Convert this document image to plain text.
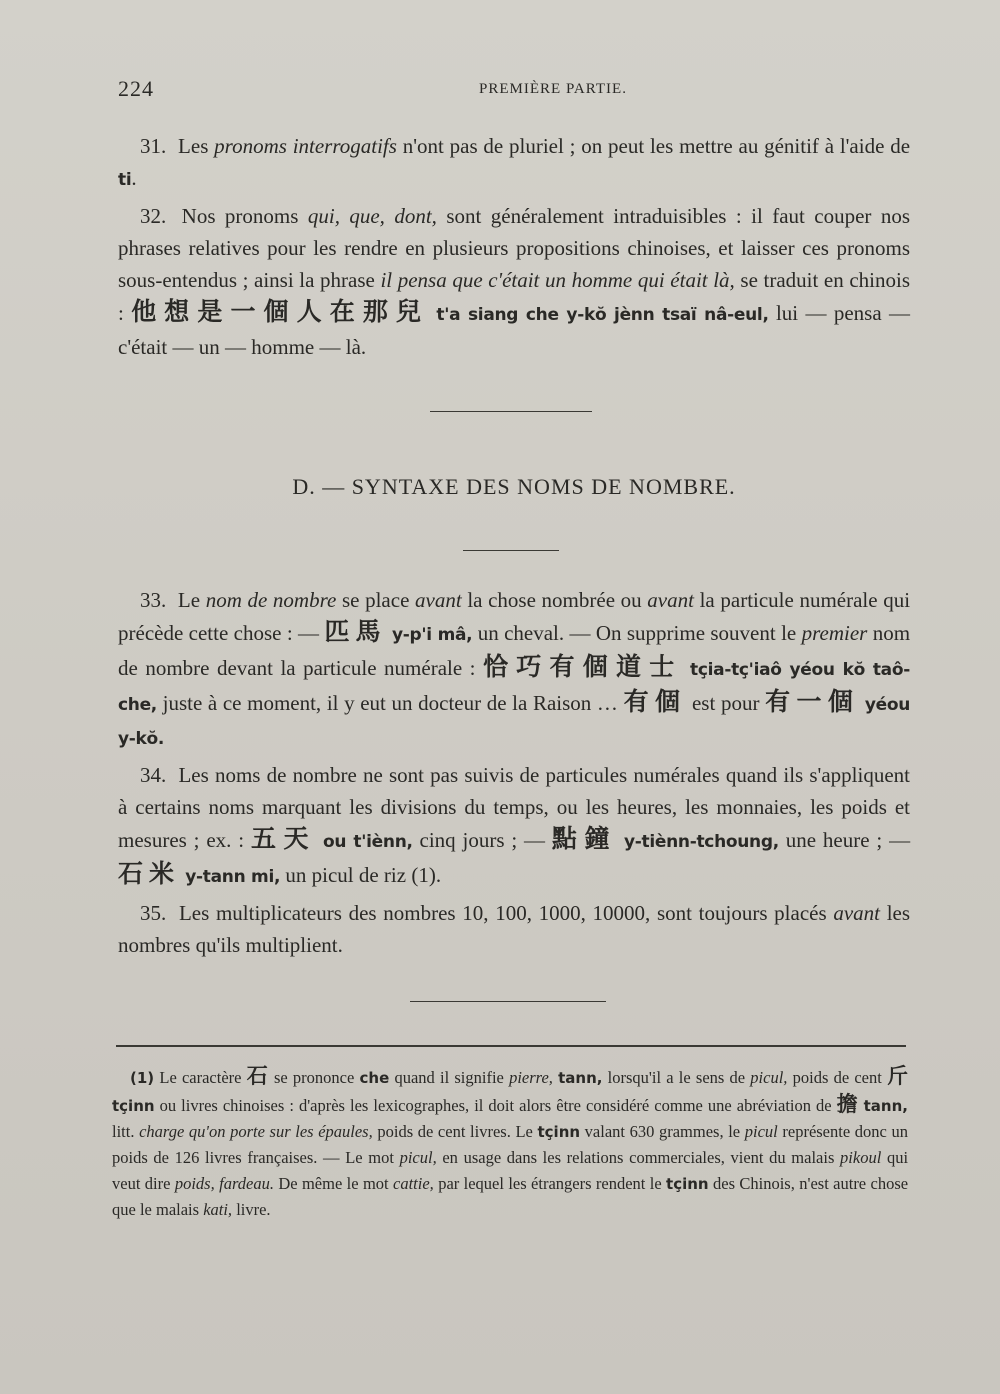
224	PREMIÈRE PARTIE.

31. Les pronoms interrogatifs n'ont pas de pluriel ; on peut les mettre au génitif à l'aide de ti.

32. Nos pronoms qui, que, dont, sont généralement intraduisibles : il faut couper nos phrases relatives pour les rendre en plusieurs propositions chinoises, et laisser ces pronoms sous-entendus ; ainsi la phrase il pensa que c'était un homme qui était là, se traduit en chinois : 他想是一個人在那兒 t'a siang che y-kŏ jènn tsaï nâ-eul, lui — pensa — c'était — un — homme — là.

D. — SYNTAXE DES NOMS DE NOMBRE.

33. Le nom de nombre se place avant la chose nombrée ou avant la particule numérale qui précède cette chose : — 匹馬 y-p'i mâ, un cheval. — On supprime souvent le premier nom de nombre devant la particule numérale : 恰巧有個道士 tçia-tç'iaô yéou kŏ taô-che, juste à ce moment, il y eut un docteur de la Raison … 有個 est pour 有一個 yéou y-kŏ.

34. Les noms de nombre ne sont pas suivis de particules numérales quand ils s'appliquent à certains noms marquant les divisions du temps, ou les heures, les monnaies, les poids et mesures ; ex. : 五天 ou t'iènn, cinq jours ; — 點鐘 y-tiènn-tchoung, une heure ; — 石米 y-tann mi, un picul de riz (1).

35. Les multiplicateurs des nombres 10, 100, 1000, 10000, sont toujours placés avant les nombres qu'ils multiplient.

(1) Le caractère 石 se prononce che quand il signifie pierre, tann, lorsqu'il a le sens de picul, poids de cent 斤 tçinn ou livres chinoises : d'après les lexicographes, il doit alors être considéré comme une abréviation de 擔 tann, litt. charge qu'on porte sur les épaules, poids de cent livres. Le tçinn valant 630 grammes, le picul représente donc un poids de 126 livres françaises. — Le mot picul, en usage dans les relations commerciales, vient du malais pikoul qui veut dire poids, fardeau. De même le mot cattie, par lequel les étrangers rendent le tçinn des Chinois, n'est autre chose que le malais kati, livre.
